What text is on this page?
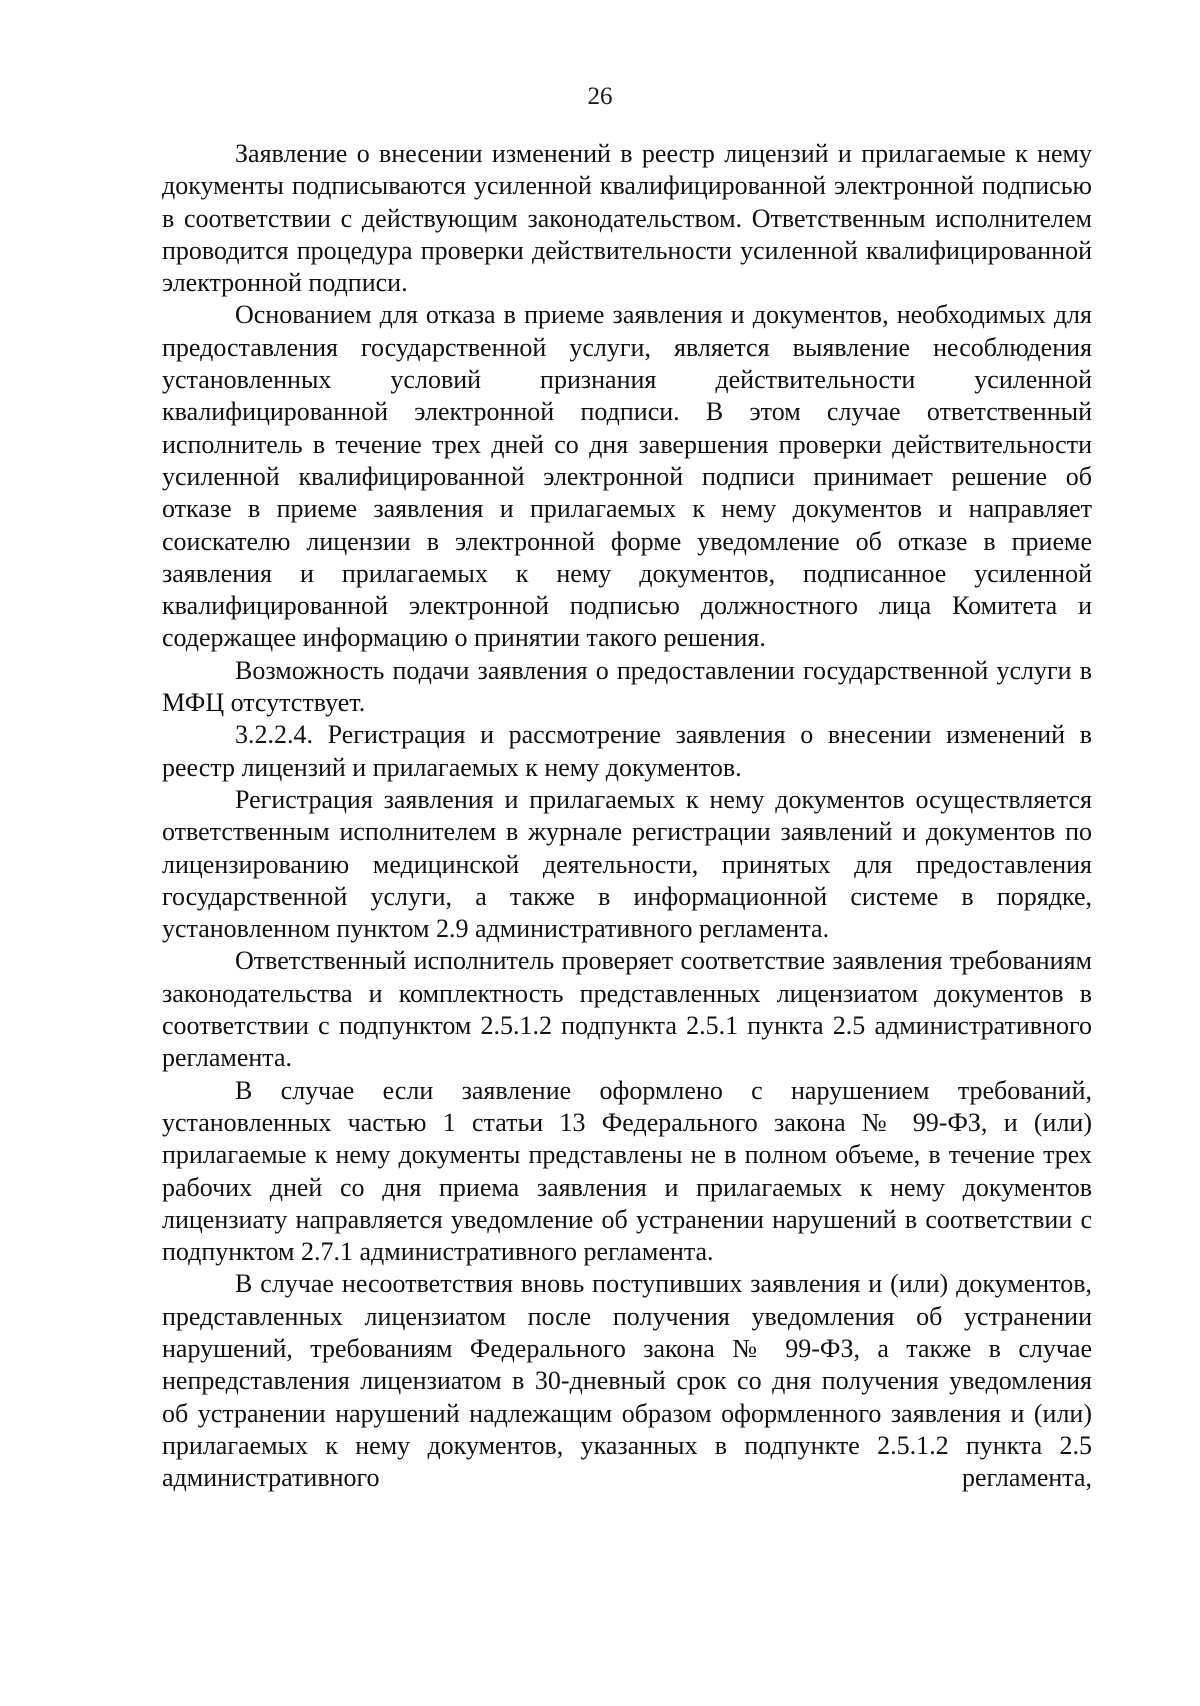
26

Заявление о внесении изменений в реестр лицензий и прилагаемые к нему документы подписываются усиленной квалифицированной электронной подписью в соответствии с действующим законодательством. Ответственным исполнителем проводится процедура проверки действительности усиленной квалифицированной электронной подписи.

Основанием для отказа в приеме заявления и документов, необходимых для предоставления государственной услуги, является выявление несоблюдения установленных условий признания действительности усиленной квалифицированной электронной подписи. В этом случае ответственный исполнитель в течение трех дней со дня завершения проверки действительности усиленной квалифицированной электронной подписи принимает решение об отказе в приеме заявления и прилагаемых к нему документов и направляет соискателю лицензии в электронной форме уведомление об отказе в приеме заявления и прилагаемых к нему документов, подписанное усиленной квалифицированной электронной подписью должностного лица Комитета и содержащее информацию о принятии такого решения.

Возможность подачи заявления о предоставлении государственной услуги в МФЦ отсутствует.

3.2.2.4. Регистрация и рассмотрение заявления о внесении изменений в реестр лицензий и прилагаемых к нему документов.

Регистрация заявления и прилагаемых к нему документов осуществляется ответственным исполнителем в журнале регистрации заявлений и документов по лицензированию медицинской деятельности, принятых для предоставления государственной услуги, а также в информационной системе в порядке, установленном пунктом 2.9 административного регламента.

Ответственный исполнитель проверяет соответствие заявления требованиям законодательства и комплектность представленных лицензиатом документов в соответствии с подпунктом 2.5.1.2 подпункта 2.5.1 пункта 2.5 административного регламента.

В случае если заявление оформлено с нарушением требований, установленных частью 1 статьи 13 Федерального закона № 99-ФЗ, и (или) прилагаемые к нему документы представлены не в полном объеме, в течение трех рабочих дней со дня приема заявления и прилагаемых к нему документов лицензиату направляется уведомление об устранении нарушений в соответствии с подпунктом 2.7.1 административного регламента.

В случае несоответствия вновь поступивших заявления и (или) документов, представленных лицензиатом после получения уведомления об устранении нарушений, требованиям Федерального закона № 99-ФЗ, а также в случае непредставления лицензиатом в 30-дневный срок со дня получения уведомления об устранении нарушений надлежащим образом оформленного заявления и (или) прилагаемых к нему документов, указанных в подпункте 2.5.1.2 пункта 2.5 административного регламента,
